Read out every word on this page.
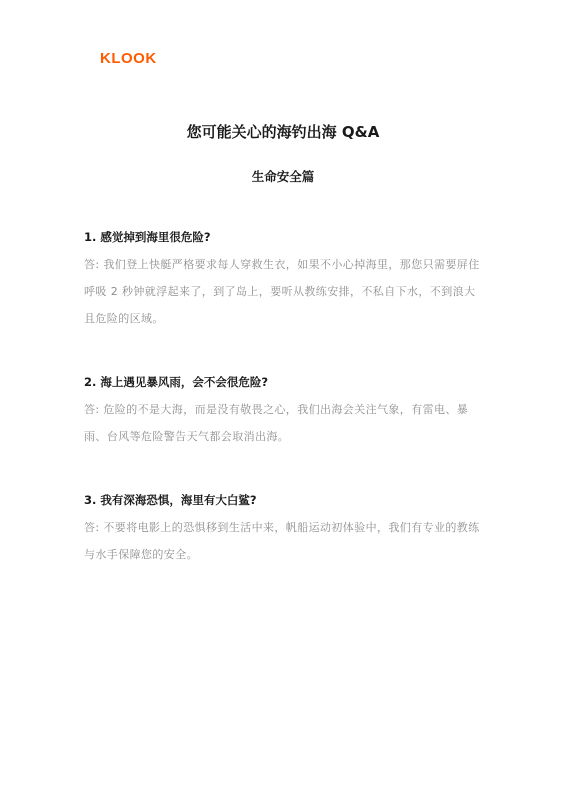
KLOOK
您可能关心的海钓出海 Q&A
生命安全篇

1. 感觉掉到海里很危险?

答: 我们登上快艇严格要求每人穿救生衣，如果不小心掉海里，那您只需要屏住呼吸 2 秒钟就浮起来了，到了岛上，要听从教练安排，不私自下水，不到浪大且危险的区域。

2. 海上遇见暴风雨，会不会很危险?

答: 危险的不是大海，而是没有敬畏之心，我们出海会关注气象，有雷电、暴雨、台风等危险警告天气都会取消出海。

3. 我有深海恐惧，海里有大白鲨?

答: 不要将电影上的恐惧移到生活中来，帆船运动初体验中，我们有专业的教练与水手保障您的安全。
